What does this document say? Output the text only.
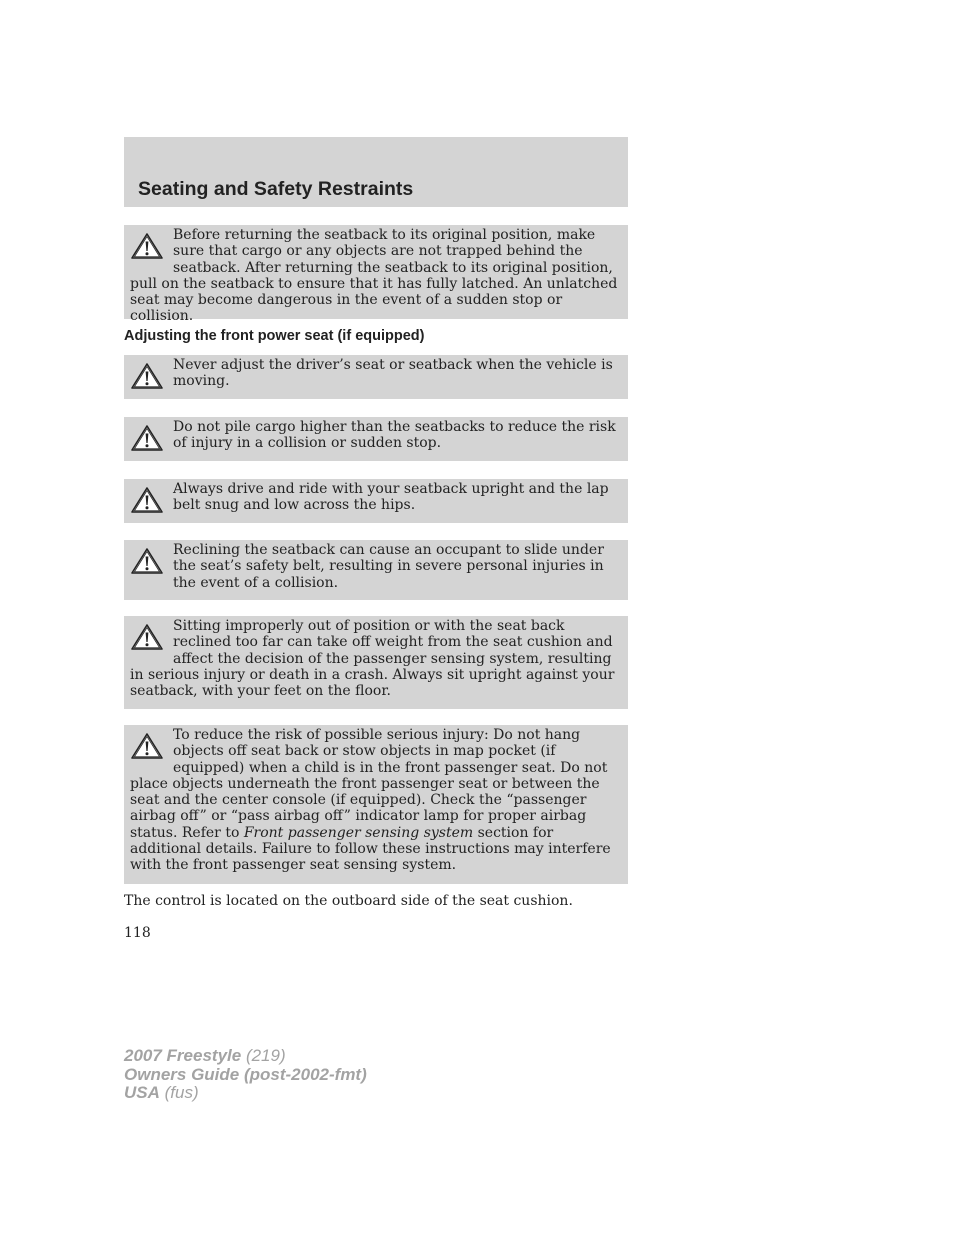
Seating and Safety Restraints
Before returning the seatback to its original position, make sure that cargo or any objects are not trapped behind the seatback. After returning the seatback to its original position, pull on the seatback to ensure that it has fully latched. An unlatched seat may become dangerous in the event of a sudden stop or collision.
Adjusting the front power seat (if equipped)
Never adjust the driver’s seat or seatback when the vehicle is moving.
Do not pile cargo higher than the seatbacks to reduce the risk of injury in a collision or sudden stop.
Always drive and ride with your seatback upright and the lap belt snug and low across the hips.
Reclining the seatback can cause an occupant to slide under the seat’s safety belt, resulting in severe personal injuries in the event of a collision.
Sitting improperly out of position or with the seat back reclined too far can take off weight from the seat cushion and affect the decision of the passenger sensing system, resulting in serious injury or death in a crash. Always sit upright against your seatback, with your feet on the floor.
To reduce the risk of possible serious injury: Do not hang objects off seat back or stow objects in map pocket (if equipped) when a child is in the front passenger seat. Do not place objects underneath the front passenger seat or between the seat and the center console (if equipped). Check the “passenger airbag off” or “pass airbag off” indicator lamp for proper airbag status. Refer to Front passenger sensing system section for additional details. Failure to follow these instructions may interfere with the front passenger seat sensing system.
The control is located on the outboard side of the seat cushion.
118
2007 Freestyle (219)
Owners Guide (post-2002-fmt)
USA (fus)
